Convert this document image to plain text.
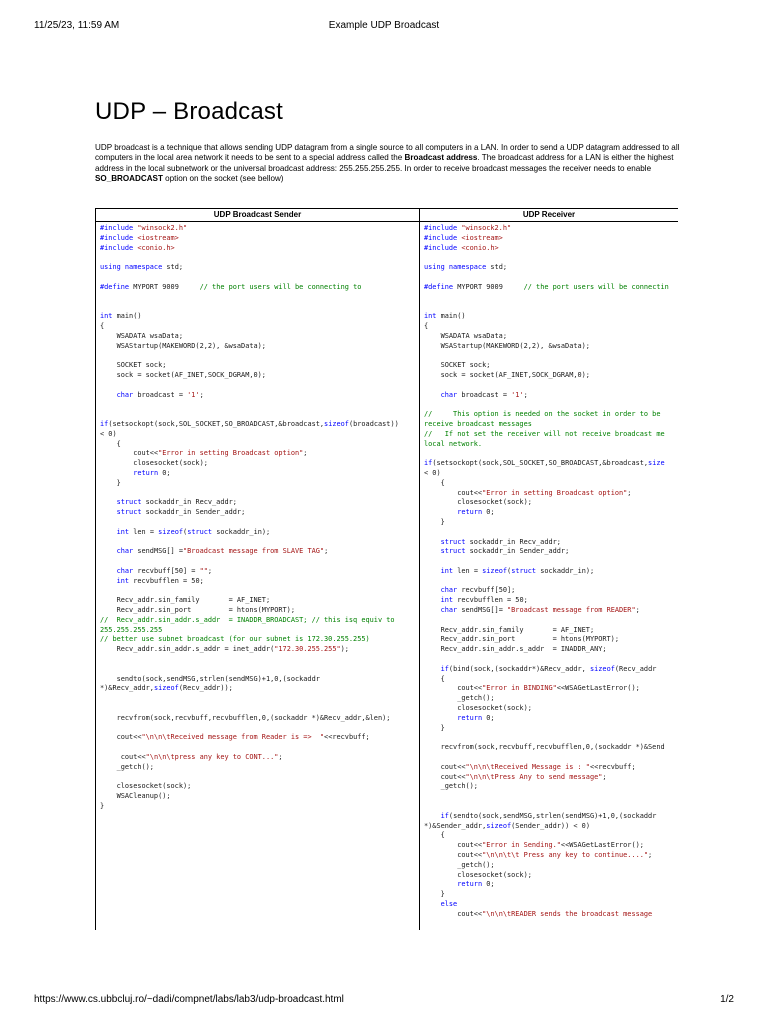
11/25/23, 11:59 AM	Example UDP Broadcast
UDP – Broadcast

UDP broadcast is a technique that allows sending UDP datagram from a single source to all computers in a LAN. In order to send a UDP datagram addressed to all computers in the local area network it needs to be sent to a special address called the Broadcast address. The broadcast address for a LAN is either the highest address in the local subnetwork or the universal broadcast address: 255.255.255.255. In order to receive broadcast messages the receiver needs to enable SO_BROADCAST option on the socket (see bellow)

UDP Broadcast Sender
#include "winsock2.h"
#include <iostream>
#include <conio.h>

using namespace std;

#define MYPORT 9009     // the port users will be connecting to

int main()
{
WSADATA wsaData;
WSAStartup(MAKEWORD(2,2), &wsaData);

SOCKET sock;
sock = socket(AF_INET,SOCK_DGRAM,0);

char broadcast = '1';

if(setsockopt(sock,SOL_SOCKET,SO_BROADCAST,&broadcast,sizeof(broadcast))
< 0)
{
cout<<"Error in setting Broadcast option";
closesocket(sock);
return 0;
}

struct sockaddr_in Recv_addr;
struct sockaddr_in Sender_addr;

int len = sizeof(struct sockaddr_in);

char sendMSG[] ="Broadcast message from SLAVE TAG";

char recvbuff[50] = "";
int recvbufflen = 50;

Recv_addr.sin_family       = AF_INET;
Recv_addr.sin_port         = htons(MYPORT);
//  Recv_addr.sin_addr.s_addr  = INADDR_BROADCAST; // this isq equiv to
255.255.255.255
// better use subnet broadcast (for our subnet is 172.30.255.255)
Recv_addr.sin_addr.s_addr = inet_addr("172.30.255.255");

sendto(sock,sendMSG,strlen(sendMSG)+1,0,(sockaddr
*)&Recv_addr,sizeof(Recv_addr));

recvfrom(sock,recvbuff,recvbufflen,0,(sockaddr *)&Recv_addr,&len);

cout<<"\n\n\tReceived message from Reader is =>  "<<recvbuff;

cout<<"\n\n\tpress any key to CONT...";
_getch();

closesocket(sock);
WSACleanup();
}
UDP Receiver
#include "winsock2.h"
#include <iostream>
#include <conio.h>

using namespace std;

#define MYPORT 9009     // the port users will be connectin

int main()
{
WSADATA wsaData;
WSAStartup(MAKEWORD(2,2), &wsaData);

SOCKET sock;
sock = socket(AF_INET,SOCK_DGRAM,0);

char broadcast = '1';

//     This option is needed on the socket in order to be
receive broadcast messages
//   If not set the receiver will not receive broadcast me
local network.

if(setsockopt(sock,SOL_SOCKET,SO_BROADCAST,&broadcast,size
< 0)
{
cout<<"Error in setting Broadcast option";
closesocket(sock);
return 0;
}

struct sockaddr_in Recv_addr;
struct sockaddr_in Sender_addr;

int len = sizeof(struct sockaddr_in);

char recvbuff[50];
int recvbufflen = 50;
char sendMSG[]= "Broadcast message from READER";

Recv_addr.sin_family       = AF_INET;
Recv_addr.sin_port         = htons(MYPORT);
Recv_addr.sin_addr.s_addr  = INADDR_ANY;

if(bind(sock,(sockaddr*)&Recv_addr, sizeof(Recv_addr
{
cout<<"Error in BINDING"<<WSAGetLastError();
_getch();
closesocket(sock);
return 0;
}

recvfrom(sock,recvbuff,recvbufflen,0,(sockaddr *)&Send

cout<<"\n\n\tReceived Message is : "<<recvbuff;
cout<<"\n\n\tPress Any to send message";
_getch();

if(sendto(sock,sendMSG,strlen(sendMSG)+1,0,(sockaddr
*)&Sender_addr,sizeof(Sender_addr)) < 0)
{
cout<<"Error in Sending."<<WSAGetLastError();
cout<<"\n\n\t\t Press any key to continue....";
_getch();
closesocket(sock);
return 0;
}
else
cout<<"\n\n\tREADER sends the broadcast message
https://www.cs.ubbcluj.ro/~dadi/compnet/labs/lab3/udp-broadcast.html	1/2
